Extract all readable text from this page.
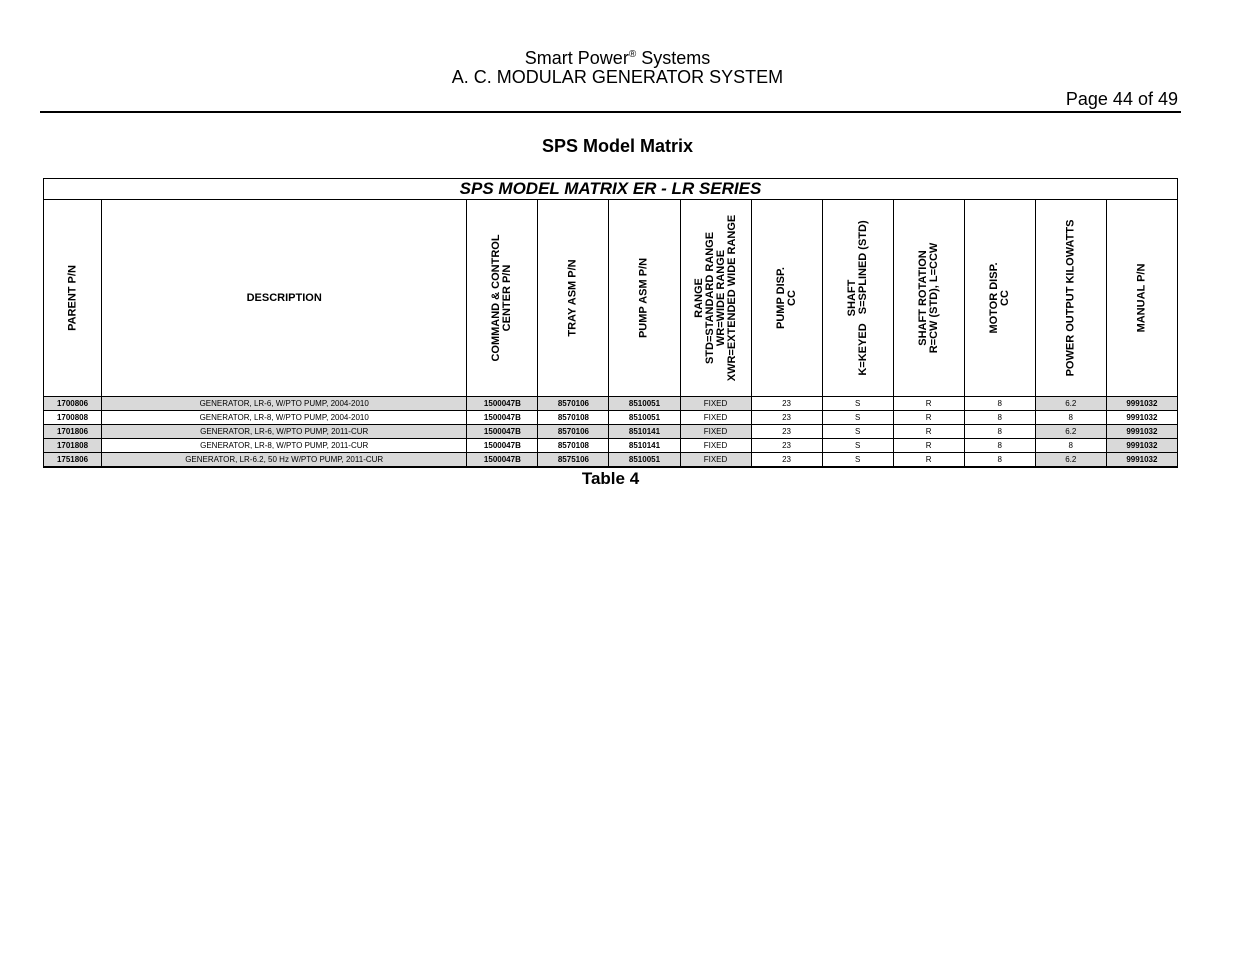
Smart Power® Systems
A. C. MODULAR GENERATOR SYSTEM
Page 44 of 49
SPS Model Matrix
SPS MODEL MATRIX ER - LR SERIES											

PARENT P/N	DESCRIPTION	COMMAND & CONTROL
CENTER P/N	TRAY ASM P/N	PUMP ASM P/N	RANGE
STD=STANDARD RANGE
WR=WIDE RANGE
XWR=EXTENDED WIDE RANGE	PUMP DISP.
CC	SHAFT
K=KEYED   S=SPLINED (STD)	SHAFT ROTATION
R=CW (STD), L=CCW	MOTOR DISP.
CC	POWER OUTPUT KILOWATTS	MANUAL P/N

1700806	GENERATOR, LR-6, W/PTO PUMP, 2004-2010	1500047B	8570106	8510051	FIXED	23	S	R	8	6.2	9991032
1700808	GENERATOR, LR-8, W/PTO PUMP, 2004-2010	1500047B	8570108	8510051	FIXED	23	S	R	8	8	9991032
1701806	GENERATOR, LR-6, W/PTO PUMP, 2011-CUR	1500047B	8570106	8510141	FIXED	23	S	R	8	6.2	9991032
1701808	GENERATOR, LR-8, W/PTO PUMP, 2011-CUR	1500047B	8570108	8510141	FIXED	23	S	R	8	8	9991032
1751806	GENERATOR, LR-6.2, 50 Hz W/PTO PUMP, 2011-CUR	1500047B	8575106	8510051	FIXED	23	S	R	8	6.2	9991032
Table 4
